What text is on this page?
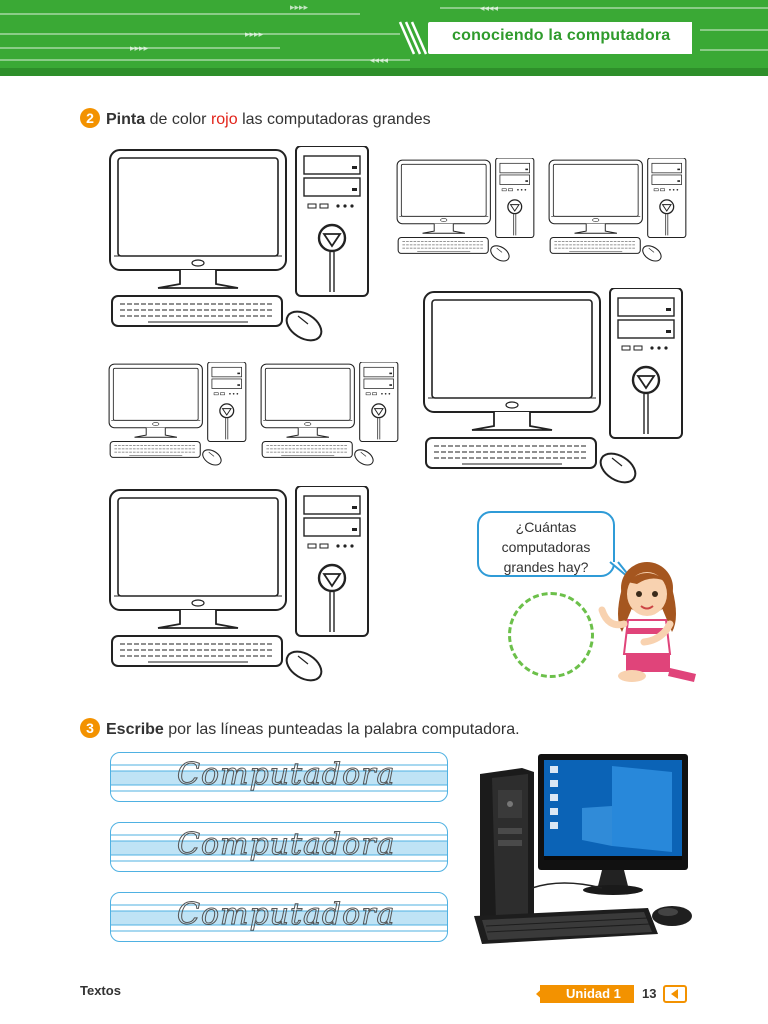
▸▸▸▸
▸▸▸▸
▸▸▸▸
◂◂◂◂
◂◂◂◂
conociendo la computadora
2 Pinta de color rojo las computadoras grandes
¿Cuántas
computadoras
grandes hay?
3 Escribe por las líneas punteadas la palabra computadora.
Computadora
Computadora
Computadora
Textos	Unidad 1 13
